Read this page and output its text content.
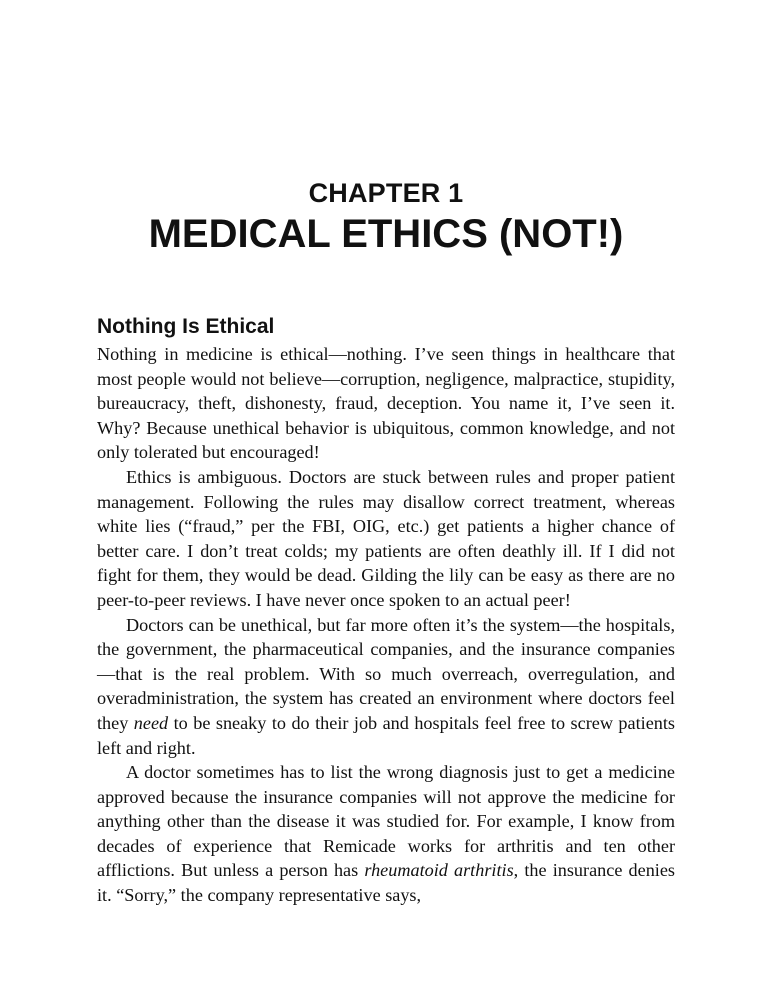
CHAPTER 1
MEDICAL ETHICS (NOT!)
Nothing Is Ethical

Nothing in medicine is ethical—nothing. I’ve seen things in healthcare that most people would not believe—corruption, negligence, malpractice, stupidity, bureaucracy, theft, dishonesty, fraud, deception. You name it, I’ve seen it. Why? Because unethical behavior is ubiquitous, common knowledge, and not only tolerated but encouraged!

Ethics is ambiguous. Doctors are stuck between rules and proper patient management. Following the rules may disallow correct treatment, whereas white lies (“fraud,” per the FBI, OIG, etc.) get patients a higher chance of better care. I don’t treat colds; my patients are often deathly ill. If I did not fight for them, they would be dead. Gilding the lily can be easy as there are no peer-to-peer reviews. I have never once spoken to an actual peer!

Doctors can be unethical, but far more often it’s the system—the hospitals, the government, the pharmaceutical companies, and the insurance companies—that is the real problem. With so much overreach, overregulation, and overadministration, the system has created an environment where doctors feel they need to be sneaky to do their job and hospitals feel free to screw patients left and right.

A doctor sometimes has to list the wrong diagnosis just to get a medicine approved because the insurance companies will not approve the medicine for anything other than the disease it was studied for. For example, I know from decades of experience that Remicade works for arthritis and ten other afflictions. But unless a person has rheumatoid arthritis, the insurance denies it. “Sorry,” the company representative says,
